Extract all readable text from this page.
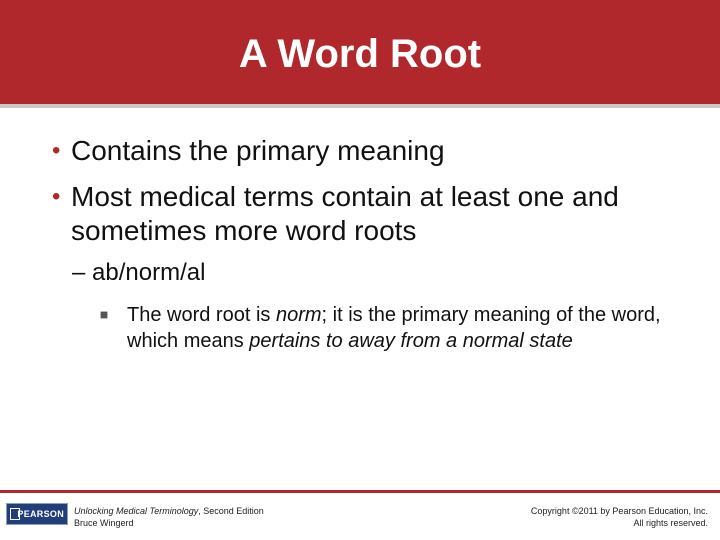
A Word Root
• Contains the primary meaning
• Most medical terms contain at least one and sometimes more word roots
– ab/norm/al
The word root is norm; it is the primary meaning of the word, which means pertains to away from a normal state
PEARSON	Unlocking Medical Terminology, Second Edition
Bruce Wingerd
Copyright ©2011 by Pearson Education, Inc.
All rights reserved.
